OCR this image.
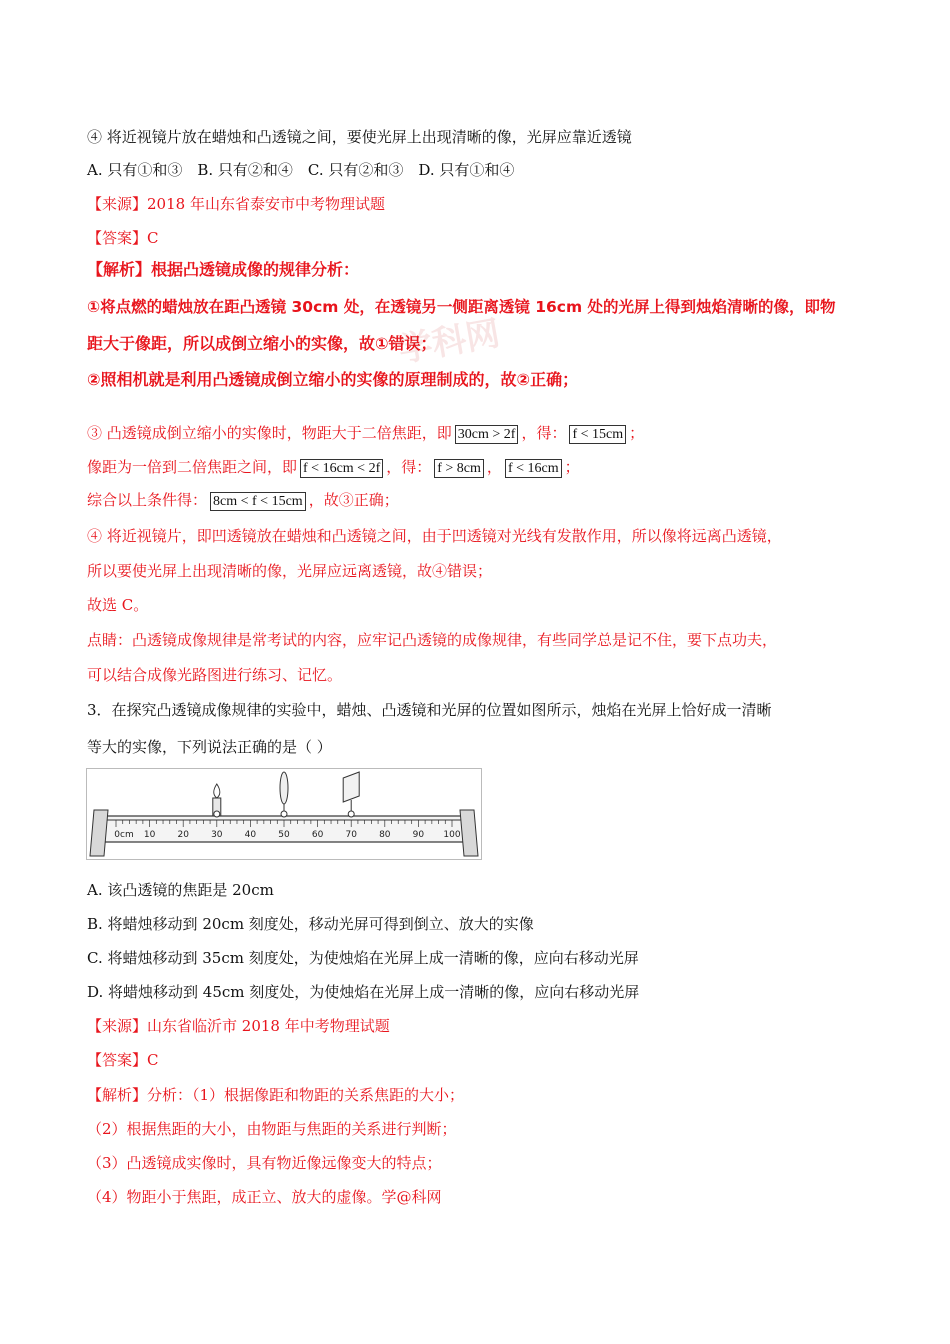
④ 将近视镜片放在蜡烛和凸透镜之间，要使光屏上出现清晰的像，光屏应靠近透镜
A. 只有①和③　B. 只有②和④　C. 只有②和③　D. 只有①和④
【来源】2018 年山东省泰安市中考物理试题
【答案】C
【解析】根据凸透镜成像的规律分析：
①将点燃的蜡烛放在距凸透镜 30cm 处，在透镜另一侧距离透镜 16cm 处的光屏上得到烛焰清晰的像，即物
距大于像距，所以成倒立缩小的实像，故①错误；
②照相机就是利用凸透镜成倒立缩小的实像的原理制成的，故②正确；
学科网
③ 凸透镜成倒立缩小的实像时，物距大于二倍焦距，即 30cm > 2f ，得： f < 15cm ；
像距为一倍到二倍焦距之间，即 f < 16cm < 2f ，得： f > 8cm ， f < 16cm ；
综合以上条件得： 8cm < f < 15cm ，故③正确；
④ 将近视镜片，即凹透镜放在蜡烛和凸透镜之间，由于凹透镜对光线有发散作用，所以像将远离凸透镜，
所以要使光屏上出现清晰的像，光屏应远离透镜，故④错误；
故选 C。
点睛：凸透镜成像规律是常考试的内容，应牢记凸透镜的成像规律，有些同学总是记不住，要下点功夫，
可以结合成像光路图进行练习、记忆。
3．在探究凸透镜成像规律的实验中，蜡烛、凸透镜和光屏的位置如图所示，烛焰在光屏上恰好成一清晰
等大的实像，下列说法正确的是（ ）
0cm 10 20 30 40 50 60 70 80 90 100
A. 该凸透镜的焦距是 20cm
B. 将蜡烛移动到 20cm 刻度处，移动光屏可得到倒立、放大的实像
C. 将蜡烛移动到 35cm 刻度处，为使烛焰在光屏上成一清晰的像，应向右移动光屏
D. 将蜡烛移动到 45cm 刻度处，为使烛焰在光屏上成一清晰的像，应向右移动光屏
【来源】山东省临沂市 2018 年中考物理试题
【答案】C
【解析】分析：（1）根据像距和物距的关系焦距的大小；
（2）根据焦距的大小，由物距与焦距的关系进行判断；
（3）凸透镜成实像时，具有物近像远像变大的特点；
（4）物距小于焦距，成正立、放大的虚像。学@科网
